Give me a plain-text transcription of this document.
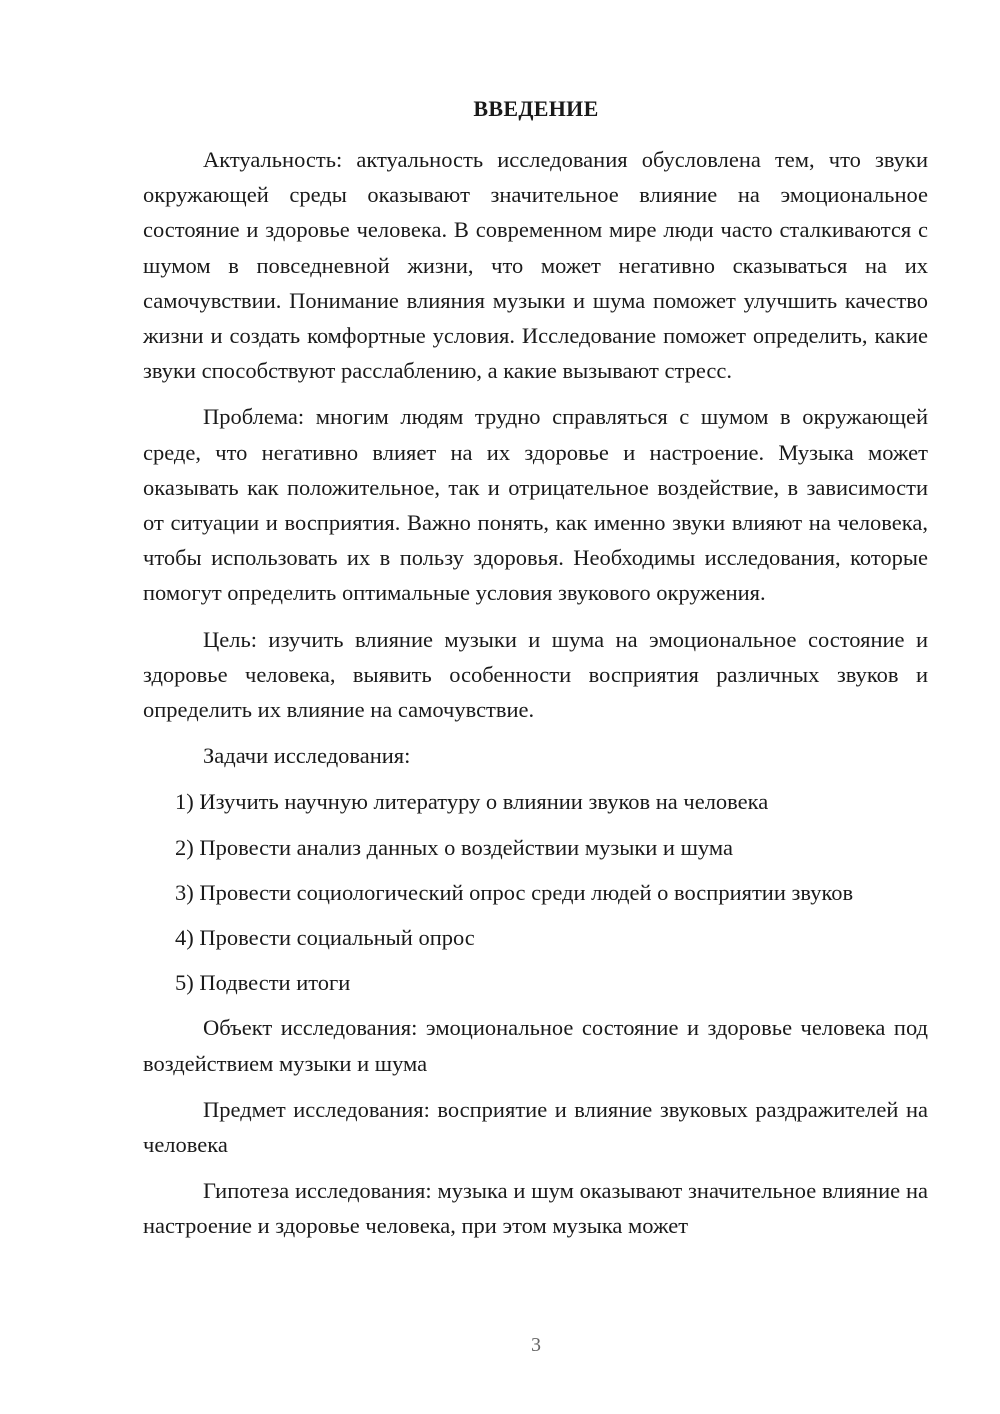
ВВЕДЕНИЕ

Актуальность: актуальность исследования обусловлена тем, что звуки окружающей среды оказывают значительное влияние на эмоциональное состояние и здоровье человека. В современном мире люди часто сталкиваются с шумом в повседневной жизни, что может негативно сказываться на их самочувствии. Понимание влияния музыки и шума поможет улучшить качество жизни и создать комфортные условия. Исследование поможет определить, какие звуки способствуют расслаблению, а какие вызывают стресс.

Проблема: многим людям трудно справляться с шумом в окружающей среде, что негативно влияет на их здоровье и настроение. Музыка может оказывать как положительное, так и отрицательное воздействие, в зависимости от ситуации и восприятия. Важно понять, как именно звуки влияют на человека, чтобы использовать их в пользу здоровья. Необходимы исследования, которые помогут определить оптимальные условия звукового окружения.

Цель: изучить влияние музыки и шума на эмоциональное состояние и здоровье человека, выявить особенности восприятия различных звуков и определить их влияние на самочувствие.

Задачи исследования:

1) Изучить научную литературу о влиянии звуков на человека

2) Провести анализ данных о воздействии музыки и шума

3) Провести социологический опрос среди людей о восприятии звуков

4) Провести социальный опрос

5) Подвести итоги

Объект исследования: эмоциональное состояние и здоровье человека под воздействием музыки и шума

Предмет исследования: восприятие и влияние звуковых раздражителей на человека

Гипотеза исследования: музыка и шум оказывают значительное влияние на настроение и здоровье человека, при этом музыка может

3
